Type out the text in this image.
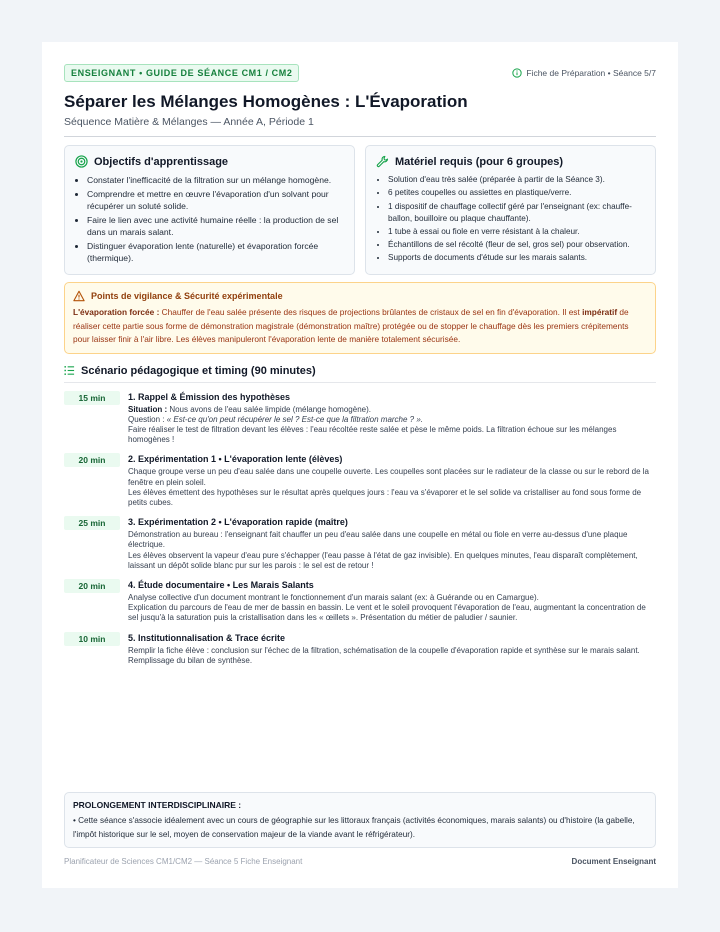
ENSEIGNANT • GUIDE DE SÉANCE CM1 / CM2	Fiche de Préparation • Séance 5/7
Séparer les Mélanges Homogènes : L'Évaporation

Séquence Matière & Mélanges — Année A, Période 1

Objectifs d'apprentissage
• Constater l'inefficacité de la filtration sur un mélange homogène.
• Comprendre et mettre en œuvre l'évaporation d'un solvant pour récupérer un soluté solide.
• Faire le lien avec une activité humaine réelle : la production de sel dans un marais salant.
• Distinguer évaporation lente (naturelle) et évaporation forcée (thermique).
Matériel requis (pour 6 groupes)
• Solution d'eau très salée (préparée à partir de la Séance 3).
• 6 petites coupelles ou assiettes en plastique/verre.
• 1 dispositif de chauffage collectif géré par l'enseignant (ex: chauffe-ballon, bouilloire ou plaque chauffante).
• 1 tube à essai ou fiole en verre résistant à la chaleur.
• Échantillons de sel récolté (fleur de sel, gros sel) pour observation.
• Supports de documents d'étude sur les marais salants.
Points de vigilance & Sécurité expérimentale

L'évaporation forcée : Chauffer de l'eau salée présente des risques de projections brûlantes de cristaux de sel en fin d'évaporation. Il est impératif de réaliser cette partie sous forme de démonstration magistrale (démonstration maître) protégée ou de stopper le chauffage dès les premiers crépitements pour laisser finir à l'air libre. Les élèves manipuleront l'évaporation lente de manière totalement sécurisée.

Scénario pédagogique et timing (90 minutes)
15 min	1. Rappel & Émission des hypothèses

Situation : Nous avons de l'eau salée limpide (mélange homogène).

Question : « Est-ce qu'on peut récupérer le sel ? Est-ce que la filtration marche ? ».

Faire réaliser le test de filtration devant les élèves : l'eau récoltée reste salée et pèse le même poids. La filtration échoue sur les mélanges homogènes !

20 min	2. Expérimentation 1 • L'évaporation lente (élèves)

Chaque groupe verse un peu d'eau salée dans une coupelle ouverte. Les coupelles sont placées sur le radiateur de la classe ou sur le rebord de la fenêtre en plein soleil.

Les élèves émettent des hypothèses sur le résultat après quelques jours : l'eau va s'évaporer et le sel solide va cristalliser au fond sous forme de petits cubes.

25 min	3. Expérimentation 2 • L'évaporation rapide (maître)

Démonstration au bureau : l'enseignant fait chauffer un peu d'eau salée dans une coupelle en métal ou fiole en verre au-dessus d'une plaque électrique.

Les élèves observent la vapeur d'eau pure s'échapper (l'eau passe à l'état de gaz invisible). En quelques minutes, l'eau disparaît complètement, laissant un dépôt solide blanc pur sur les parois : le sel est de retour !

20 min	4. Étude documentaire • Les Marais Salants

Analyse collective d'un document montrant le fonctionnement d'un marais salant (ex: à Guérande ou en Camargue).

Explication du parcours de l'eau de mer de bassin en bassin. Le vent et le soleil provoquent l'évaporation de l'eau, augmentant la concentration de sel jusqu'à la saturation puis la cristallisation dans les « œillets ». Présentation du métier de paludier / saunier.

10 min	5. Institutionnalisation & Trace écrite

Remplir la fiche élève : conclusion sur l'échec de la filtration, schématisation de la coupelle d'évaporation rapide et synthèse sur le marais salant. Remplissage du bilan de synthèse.

PROLONGEMENT INTERDISCIPLINAIRE :

• Cette séance s'associe idéalement avec un cours de géographie sur les littoraux français (activités économiques, marais salants) ou d'histoire (la gabelle, l'impôt historique sur le sel, moyen de conservation majeur de la viande avant le réfrigérateur).

Planificateur de Sciences CM1/CM2 — Séance 5 Fiche Enseignant	Document Enseignant
